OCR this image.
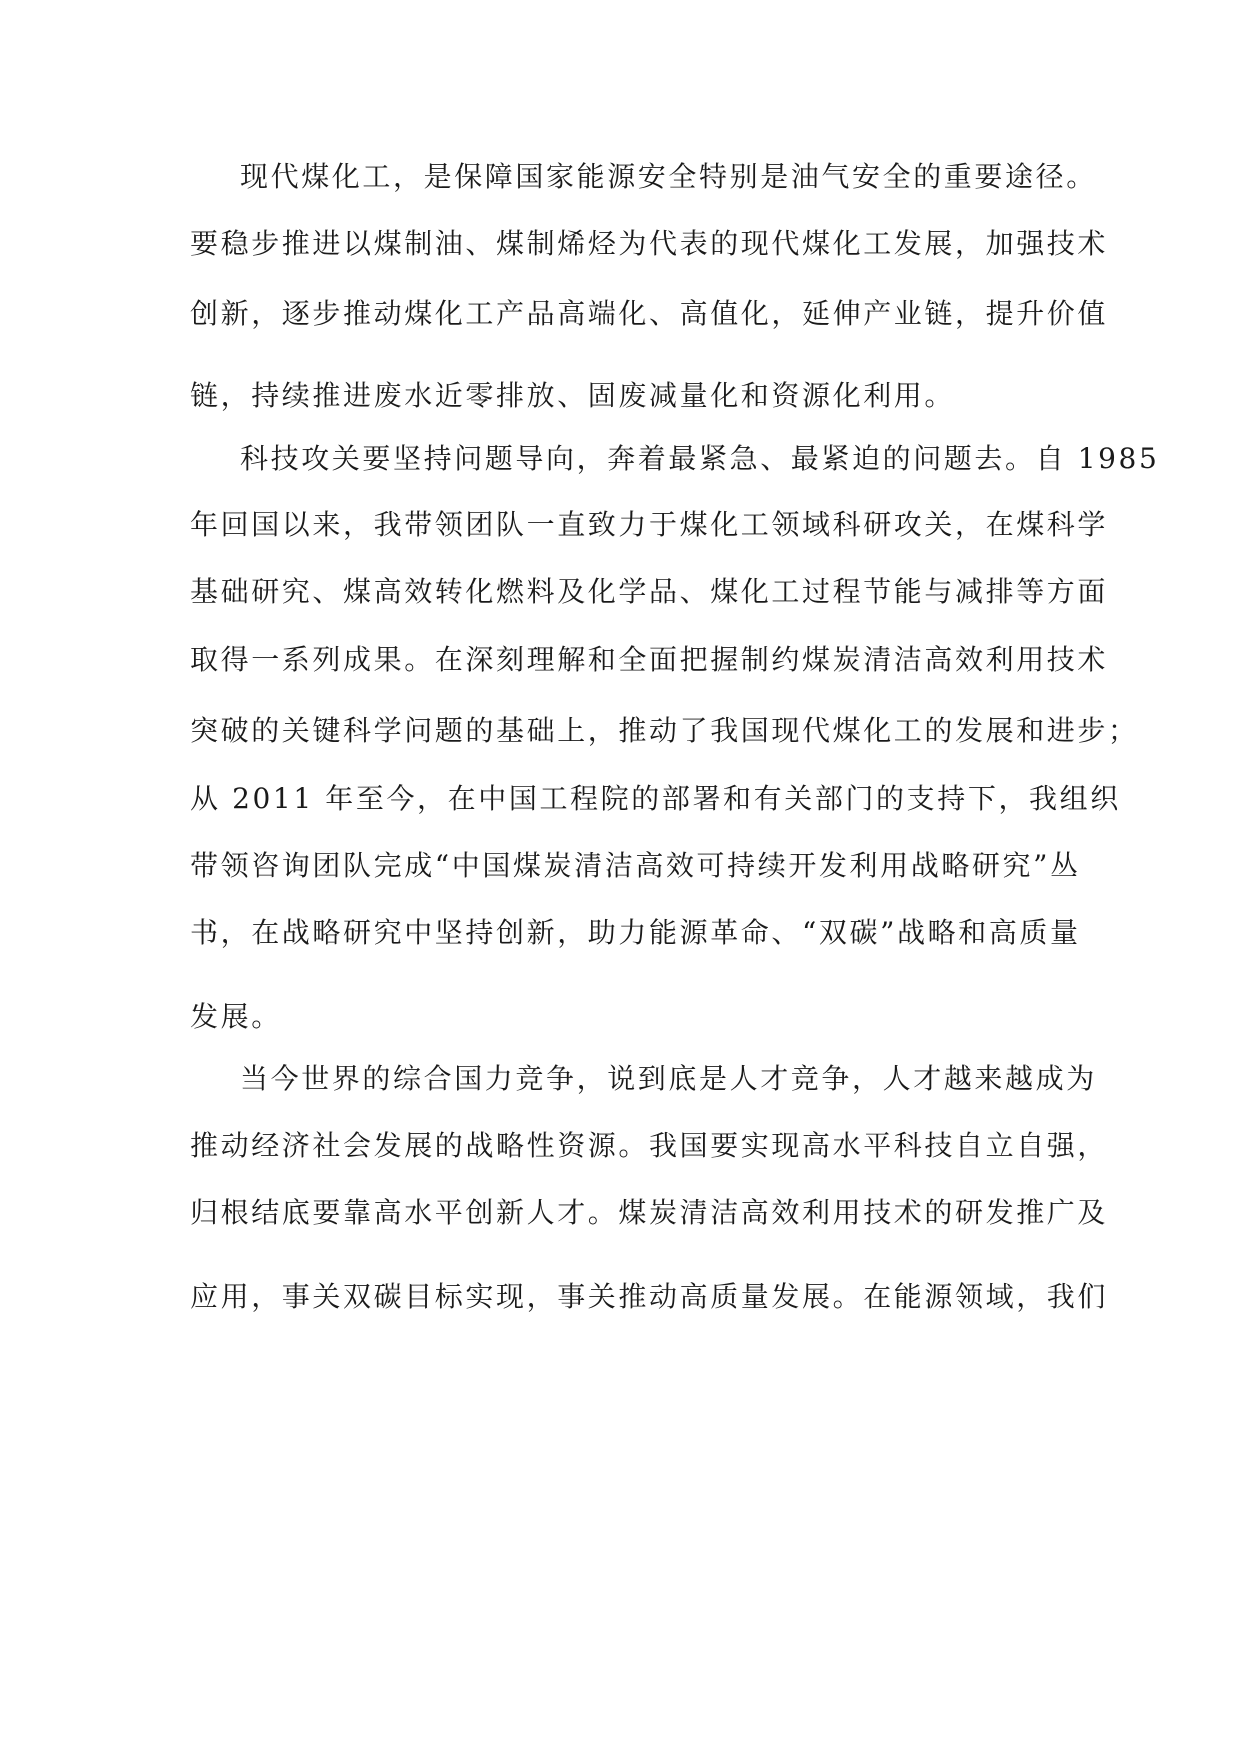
现代煤化工，是保障国家能源安全特别是油气安全的重要途径。
要稳步推进以煤制油、煤制烯烃为代表的现代煤化工发展，加强技术
创新，逐步推动煤化工产品高端化、高值化，延伸产业链，提升价值
链，持续推进废水近零排放、固废减量化和资源化利用。
科技攻关要坚持问题导向，奔着最紧急、最紧迫的问题去。自 1985
年回国以来，我带领团队一直致力于煤化工领域科研攻关，在煤科学
基础研究、煤高效转化燃料及化学品、煤化工过程节能与减排等方面
取得一系列成果。在深刻理解和全面把握制约煤炭清洁高效利用技术
突破的关键科学问题的基础上，推动了我国现代煤化工的发展和进步；
从 2011 年至今，在中国工程院的部署和有关部门的支持下，我组织
带领咨询团队完成“中国煤炭清洁高效可持续开发利用战略研究”丛
书，在战略研究中坚持创新，助力能源革命、“双碳”战略和高质量
发展。
当今世界的综合国力竞争，说到底是人才竞争，人才越来越成为
推动经济社会发展的战略性资源。我国要实现高水平科技自立自强，
归根结底要靠高水平创新人才。煤炭清洁高效利用技术的研发推广及
应用，事关双碳目标实现，事关推动高质量发展。在能源领域，我们
